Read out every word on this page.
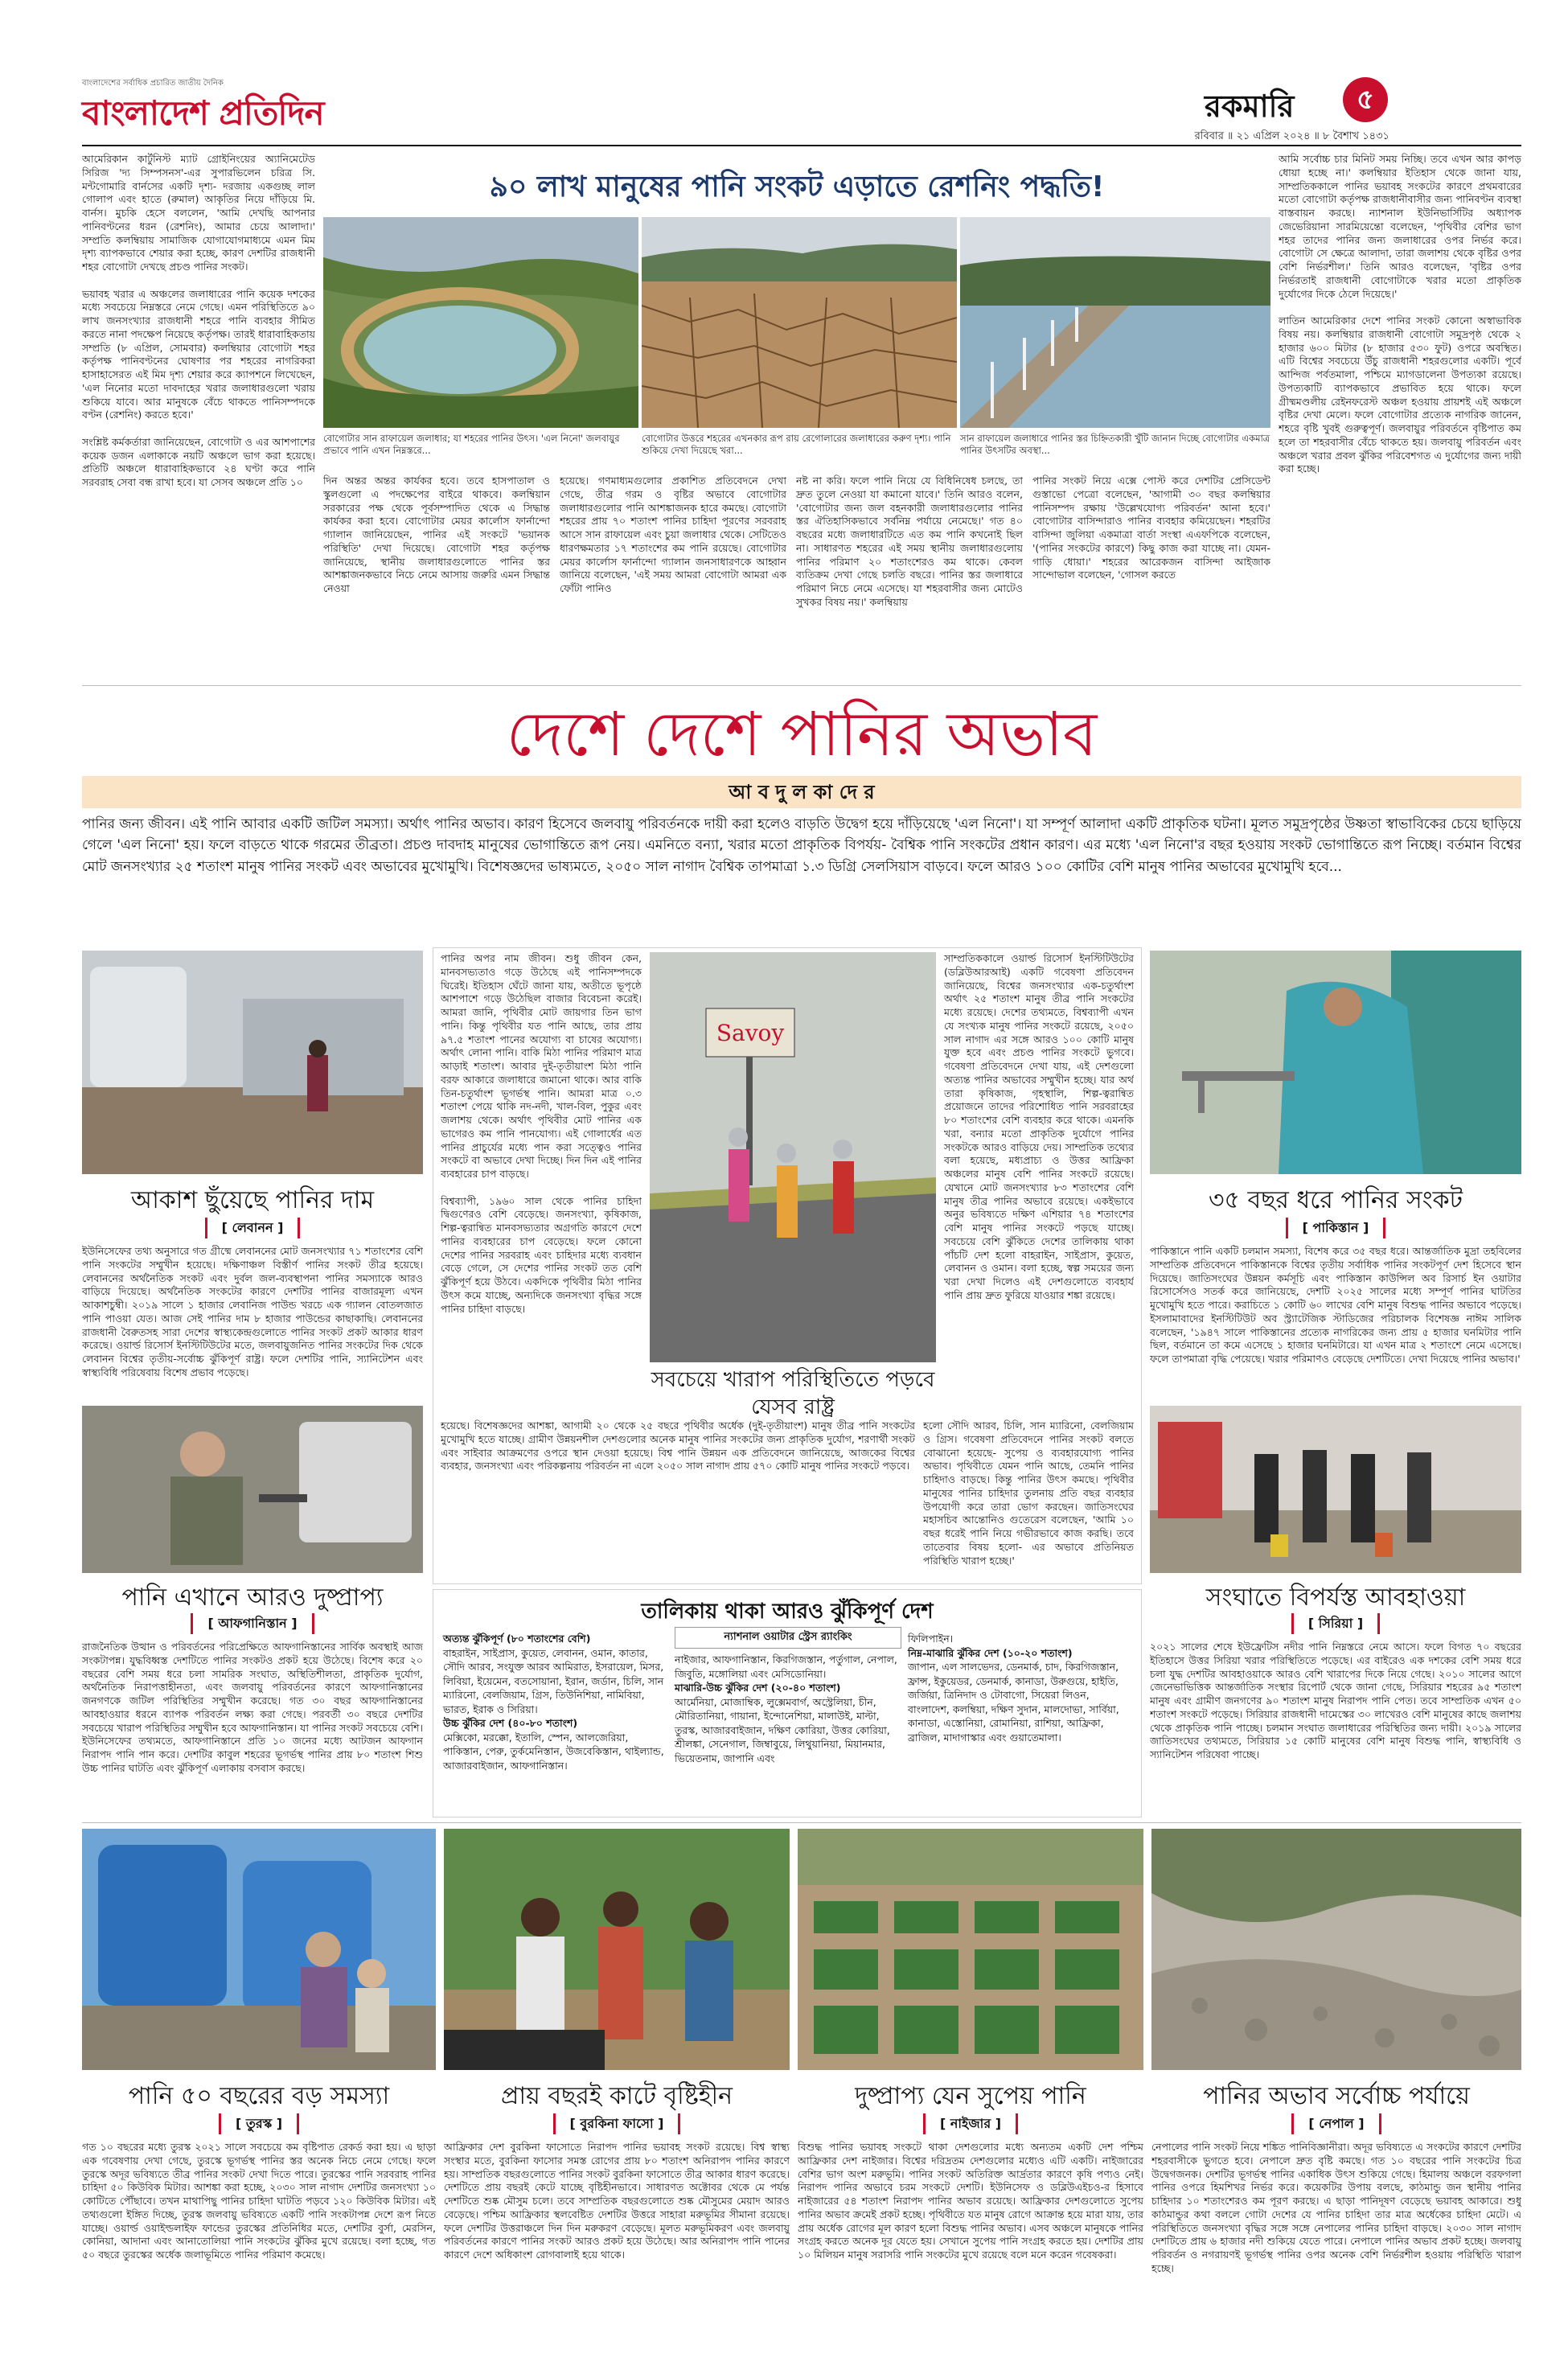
বাংলাদেশের সর্বাধিক প্রচারিত জাতীয় দৈনিক
বাংলাদেশ প্রতিদিন	রকমারি	৫
রবিবার ॥ ২১ এপ্রিল ২০২৪ ॥ ৮ বৈশাখ ১৪৩১
আমেরিকান কার্টুনিস্ট ম্যাট গ্রোইনিংয়ের অ্যানিমেটেড সিরিজ 'দ্য সিম্পসনস'-এর সুপারভিলেন চরিত্র সি. মন্টগোমারি বার্নসের একটি দৃশ্য- দরজায় একগুচ্ছ লাল গোলাপ এবং হাতে (রুমাল) আকৃতির নিয়ে দাঁড়িয়ে মি. বার্নস। মুচকি হেসে বললেন, 'আমি দেখছি আপনার পানিবণ্টনের ধরন (রেশনিং), আমার চেয়ে আলাদা।' সম্প্রতি কলম্বিয়ায় সামাজিক যোগাযোগমাধ্যমে এমন মিম দৃশ্য ব্যাপকভাবে শেয়ার করা হচ্ছে, কারণ দেশটির রাজধানী শহর বোগোটা দেখছে প্রচণ্ড পানির সংকট।

ভয়াবহ খরার এ অঞ্চলের জলাধারের পানি কয়েক দশকের মধ্যে সবচেয়ে নিম্নস্তরে নেমে গেছে। এমন পরিস্থিতিতে ৯০ লাখ জনসংখ্যার রাজধানী শহরে পানি ব্যবহার সীমিত করতে নানা পদক্ষেপ নিয়েছে কর্তৃপক্ষ। তারই ধারাবাহিকতায় সম্প্রতি (৮ এপ্রিল, সোমবার) কলম্বিয়ার বোগোটা শহর কর্তৃপক্ষ পানিবণ্টনের ঘোষণার পর শহরের নাগরিকরা হাসাহাসেরত এই মিম দৃশ্য শেয়ার করে ক্যাপশনে লিখেছেন, 'এল নিনোর মতো দাবদাহের খরার জলাধারগুলো খরায় শুকিয়ে যাবে। আর মানুষকে বেঁচে থাকতে পানিসম্পদকে বণ্টন (রেশনিং) করতে হবে।'

সংশ্লিষ্ট কর্মকর্তারা জানিয়েছেন, বোগোটা ও এর আশপাশের কয়েক ডজন এলাকাকে নয়টি অঞ্চলে ভাগ করা হয়েছে। প্রতিটি অঞ্চলে ধারাবাহিকভাবে ২৪ ঘণ্টা করে পানি সরবরাহ সেবা বন্ধ রাখা হবে। যা সেসব অঞ্চলে প্রতি ১০
৯০ লাখ মানুষের পানি সংকট এড়াতে রেশনিং পদ্ধতি!
বোগোটার সান রাফায়েল জলাধার; যা শহরের পানির উৎস। 'এল নিনো' জলবায়ুর প্রভাবে পানি এখন নিম্নস্তরে...
বোগোটার উত্তরে শহরের এখনকার রূপ রায় রেগোলারের জলাধারের করুণ দৃশ্য। পানি শুকিয়ে দেখা দিয়েছে খরা...
সান রাফায়েল জলাধারে পানির স্তর চিহ্নিতকারী খুঁটি জানান দিচ্ছে বোগোটার একমাত্র পানির উৎসটির অবস্থা...
দিন অন্তর অন্তর কার্যকর হবে। তবে হাসপাতাল ও স্কুলগুলো এ পদক্ষেপের বাইরে থাকবে। কলম্বিয়ান সরকারের পক্ষ থেকে পূর্বসম্পাদিত থেকে এ সিদ্ধান্ত কার্যকর করা হবে। বোগোটার মেয়র কার্লোস ফার্নান্দো গ্যালান জানিয়েছেন, পানির এই সংকটে 'ভয়ানক পরিস্থিতি' দেখা দিয়েছে। বোগোটা শহর কর্তৃপক্ষ জানিয়েছে, স্থানীয় জলাধারগুলোতে পানির স্তর আশঙ্কাজনকভাবে নিচে নেমে আসায় জরুরি এমন সিদ্ধান্ত নেওয়া
হয়েছে। গণমাধ্যমগুলোর প্রকাশিত প্রতিবেদনে দেখা গেছে, তীব্র গরম ও বৃষ্টির অভাবে বোগোটার জলাধারগুলোর পানি আশঙ্কাজনক হারে কমছে। বোগোটা শহরের প্রায় ৭০ শতাংশ পানির চাহিদা পূরণের সরবরাহ আসে সান রাফায়েল এবং চুয়া জলাধার থেকে। সেটিতেও ধারণক্ষমতার ১৭ শতাংশের কম পানি রয়েছে। বোগোটার মেয়র কার্লোস ফার্নান্দো গ্যালান জনসাধারণকে আহ্বান জানিয়ে বলেছেন, 'এই সময় আমরা বোগোটা আমরা এক ফোঁটা পানিও
নষ্ট না করি। ফলে পানি নিয়ে যে বিধিনিষেধ চলছে, তা দ্রুত তুলে নেওয়া যা কমানো যাবে।' তিনি আরও বলেন, 'বোগোটার জন্য জল বহনকারী জলাধারগুলোর পানির স্তর ঐতিহাসিকভাবে সর্বনিম্ন পর্যায়ে নেমেছে।' গত ৪০ বছরের মধ্যে জলাধারটিতে এত কম পানি কখনোই ছিল না। সাধারণত শহরের এই সময় স্থানীয় জলাধারগুলোয় পানির পরিমাণ ২০ শতাংশেরও কম থাকে। কেবল ব্যতিক্রম দেখা গেছে চলতি বছরে। পানির স্তর জলাধারে পরিমাণ নিচে নেমে এসেছে। যা শহরবাসীর জন্য মোটেও সুখকর বিষয় নয়।' কলম্বিয়ায়
পানির সংকট নিয়ে এক্সে পোস্ট করে দেশটির প্রেসিডেন্ট গুস্তাভো পেত্রো বলেছেন, 'আগামী ৩০ বছর কলম্বিয়ার পানিসম্পদ রক্ষায় 'উল্লেখযোগ্য পরিবর্তন' আনা হবে।' বোগোটার বাসিন্দারাও পানির ব্যবহার কমিয়েছেন। শহরটির বাসিন্দা জুলিয়া একমাত্রা বার্তা সংস্থা এএফপিকে বলেছেন, '(পানির সংকটের কারণে) কিছু কাজ করা যাচ্ছে না। যেমন- গাড়ি ধোয়া।' শহরের আরেকজন বাসিন্দা আইজাক সান্দোভাল বলেছেন, 'গোসল করতে
আমি সর্বোচ্চ চার মিনিট সময় নিচ্ছি। তবে এখন আর কাপড় ধোয়া হচ্ছে না।' কলম্বিয়ার ইতিহাস থেকে জানা যায়, সাম্প্রতিককালে পানির ভয়াবহ সংকটের কারণে প্রথমবারের মতো বোগোটা কর্তৃপক্ষ রাজধানীবাসীর জন্য পানিবণ্টন ব্যবস্থা বাস্তবায়ন করছে। ন্যাশনাল ইউনিভার্সিটির অধ্যাপক জেভেরিয়ানা সারমিয়েন্তো বলেছেন, 'পৃথিবীর বেশির ভাগ শহর তাদের পানির জন্য জলাধারের ওপর নির্ভর করে। বোগোটা সে ক্ষেত্রে আলাদা, তারা জলাশয় থেকে বৃষ্টির ওপর বেশি নির্ভরশীল।' তিনি আরও বলেছেন, 'বৃষ্টির ওপর নির্ভরতাই রাজধানী বোগোটাকে খরার মতো প্রাকৃতিক দুর্যোগের দিকে ঠেলে দিয়েছে।'

লাতিন আমেরিকার দেশে পানির সংকট কোনো অস্বাভাবিক বিষয় নয়। কলম্বিয়ার রাজধানী বোগোটা সমুদ্রপৃষ্ঠ থেকে ২ হাজার ৬০০ মিটার (৮ হাজার ৫৩০ ফুট) ওপরে অবস্থিত। এটি বিশ্বের সবচেয়ে উঁচু রাজধানী শহরগুলোর একটি। পূর্বে আন্দিজ পর্বতমালা, পশ্চিমে ম্যাগডালেনা উপত্যকা রয়েছে। উপত্যকাটি ব্যাপকভাবে প্রভাবিত হয়ে থাকে। ফলে গ্রীষ্মমণ্ডলীয় রেইনফরেস্ট অঞ্চল হওয়ায় প্রায়শই এই অঞ্চলে বৃষ্টির দেখা মেলে। ফলে বোগোটার প্রত্যেক নাগরিক জানেন, শহরে বৃষ্টি খুবই গুরুত্বপূর্ণ। জলবায়ুর পরিবর্তনে বৃষ্টিপাত কম হলে তা শহরবাসীর বেঁচে থাকতে হয়। জলবায়ু পরিবর্তন এবং অঞ্চলে খরার প্রবল ঝুঁকির পরিবেশগত এ দুর্যোগের জন্য দায়ী করা হচ্ছে।
দেশে দেশে পানির অভাব
আ ব দু ল কা দে র
পানির জন্য জীবন। এই পানি আবার একটি জটিল সমস্যা। অর্থাৎ পানির অভাব। কারণ হিসেবে জলবায়ু পরিবর্তনকে দায়ী করা হলেও বাড়তি উদ্বেগ হয়ে দাঁড়িয়েছে 'এল নিনো'। যা সম্পূর্ণ আলাদা একটি প্রাকৃতিক ঘটনা। মূলত সমুদ্রপৃষ্ঠের উষ্ণতা স্বাভাবিকের চেয়ে ছাড়িয়ে গেলে 'এল নিনো' হয়। ফলে বাড়তে থাকে গরমের তীব্রতা। প্রচণ্ড দাবদাহ মানুষের ভোগান্তিতে রূপ নেয়। এমনিতে বন্যা, খরার মতো প্রাকৃতিক বিপর্যয়- বৈশ্বিক পানি সংকটের প্রধান কারণ। এর মধ্যে 'এল নিনো'র বছর হওয়ায় সংকট ভোগান্তিতে রূপ নিচ্ছে। বর্তমান বিশ্বের মোট জনসংখ্যার ২৫ শতাংশ মানুষ পানির সংকট এবং অভাবের মুখোমুখি। বিশেষজ্ঞদের ভাষ্যমতে, ২০৫০ সাল নাগাদ বৈশ্বিক তাপমাত্রা ১.৩ ডিগ্রি সেলসিয়াস বাড়বে। ফলে আরও ১০০ কোটির বেশি মানুষ পানির অভাবের মুখোমুখি হবে...
আকাশ ছুঁয়েছে পানির দাম
[ লেবানন ]
ইউনিসেফের তথ্য অনুসারে গত গ্রীষ্মে লেবাননের মোট জনসংখ্যার ৭১ শতাংশের বেশি পানি সংকটের সম্মুখীন হয়েছে। দক্ষিণাঞ্চল বিস্তীর্ণ পানির সংকট তীব্র হয়েছে। লেবাননের অর্থনৈতিক সংকট এবং দুর্বল জল-ব্যবস্থাপনা পানির সমস্যাকে আরও বাড়িয়ে দিয়েছে। অর্থনৈতিক সংকটের কারণে দেশটির পানির বাজারমূল্য এখন আকাশচুম্বী। ২০১৯ সালে ১ হাজার লেবানিজ পাউন্ড খরচে এক গ্যালন বোতলজাত পানি পাওয়া যেত। আজ সেই পানির দাম ৮ হাজার পাউন্ডের কাছাকাছি। লেবাননের রাজধানী বৈরুতসহ সারা দেশের স্বাস্থ্যকেন্দ্রগুলোতে পানির সংকট প্রকট আকার ধারণ করেছে। ওয়ার্ল্ড রিসোর্স ইনস্টিটিউটের মতে, জলবায়ুজনিত পানির সংকটের দিক থেকে লেবানন বিশ্বের তৃতীয়-সর্বোচ্চ ঝুঁকিপূর্ণ রাষ্ট্র। ফলে দেশটির পানি, স্যানিটেশন এবং স্বাস্থ্যবিধি পরিষেবায় বিশেষ প্রভাব পড়েছে।
পানি এখানে আরও দুষ্প্রাপ্য
[ আফগানিস্তান ]
রাজনৈতিক উত্থান ও পরিবর্তনের পরিপ্রেক্ষিতে আফগানিস্তানের সার্বিক অবস্থাই আজ সংকটাপন্ন। যুদ্ধবিধ্বস্ত দেশটিতে পানির সংকটও প্রকট হয়ে উঠেছে। বিশেষ করে ২০ বছরের বেশি সময় ধরে চলা সামরিক সংঘাত, অস্থিতিশীলতা, প্রাকৃতিক দুর্যোগ, অর্থনৈতিক নিরাপত্তাহীনতা, এবং জলবায়ু পরিবর্তনের কারণে আফগানিস্তানের জনগণকে জটিল পরিস্থিতির সম্মুখীন করেছে। গত ৩০ বছর আফগানিস্তানের আবহাওয়ার ধরনে ব্যাপক পরিবর্তন লক্ষ্য করা গেছে। পরবর্তী ৩০ বছরে দেশটির সবচেয়ে খারাপ পরিস্থিতির সম্মুখীন হবে আফগানিস্তান। যা পানির সংকট সবচেয়ে বেশি। ইউনিসেফের তথ্যমতে, আফগানিস্তানে প্রতি ১০ জনের মধ্যে আটজন আফগান নিরাপদ পানি পান করে। দেশটির কাবুল শহরের ভূগর্ভস্থ পানির প্রায় ৮০ শতাংশ শিশু উচ্চ পানির ঘাটতি এবং ঝুঁকিপূর্ণ এলাকায় বসবাস করছে।
পানির অপর নাম জীবন। শুধু জীবন কেন, মানবসভ্যতাও গড়ে উঠেছে এই পানিসম্পদকে ঘিরেই। ইতিহাস ঘেঁটে জানা যায়, অতীতে ভূপৃষ্ঠে আশপাশে গড়ে উঠেছিল বাজার বিবেচনা করেই। আমরা জানি, পৃথিবীর মোট জায়গার তিন ভাগ পানি। কিন্তু পৃথিবীর যত পানি আছে, তার প্রায় ৯৭.৫ শতাংশ পানের অযোগ্য বা চাষের অযোগ্য। অর্থাৎ লোনা পানি। বাকি মিঠা পানির পরিমাণ মাত্র আড়াই শতাংশ। আবার দুই-তৃতীয়াংশ মিঠা পানি বরফ আকারে জলাধারে জমানো থাকে। আর বাকি তিন-চতুর্থাংশ ভূগর্ভস্থ পানি। আমরা মাত্র ০.৩ শতাংশ পেয়ে থাকি নদ-নদী, খাল-বিল, পুকুর এবং জলাশয় থেকে। অর্থাৎ পৃথিবীর মোট পানির এক ভাগেরও কম পানি পানযোগ্য। এই গোলার্ধের এত পানির প্রাচুর্যের মধ্যে পান করা সত্ত্বেও পানির সংকটে বা অভাবে দেখা দিচ্ছে। দিন দিন এই পানির ব্যবহারের চাপ বাড়ছে।

বিশ্বব্যাপী, ১৯৬০ সাল থেকে পানির চাহিদা দ্বিগুণেরও বেশি বেড়েছে। জনসংখ্যা, কৃষিকাজ, শিল্প-ত্বরান্বিত মানবসভ্যতার অগ্রগতি কারণে দেশে পানির ব্যবহারের চাপ বেড়েছে। ফলে কোনো দেশের পানির সরবরাহ এবং চাহিদার মধ্যে ব্যবধান বেড়ে গেলে, সে দেশের পানির সংকট তত বেশি ঝুঁকিপূর্ণ হয়ে উঠবে। একদিকে পৃথিবীর মিঠা পানির উৎস কমে যাচ্ছে, অন্যদিকে জনসংখ্যা বৃদ্ধির সঙ্গে পানির চাহিদা বাড়ছে।
Savoy
সবচেয়ে খারাপ পরিস্থিতিতে পড়বে যেসব রাষ্ট্র
সাম্প্রতিককালে ওয়ার্ল্ড রিসোর্স ইনস্টিটিউটের (ডব্লিউআরআই) একটি গবেষণা প্রতিবেদন জানিয়েছে, বিশ্বের জনসংখ্যার এক-চতুর্থাংশ অর্থাৎ ২৫ শতাংশ মানুষ তীব্র পানি সংকটের মধ্যে রয়েছে। দেশের তথ্যমতে, বিশ্বব্যাপী এখন যে সংখ্যক মানুষ পানির সংকটে রয়েছে, ২০৫০ সাল নাগাদ এর সঙ্গে আরও ১০০ কোটি মানুষ যুক্ত হবে এবং প্রচণ্ড পানির সংকটে ভুগবে। গবেষণা প্রতিবেদনে দেখা যায়, এই দেশগুলো অত্যন্ত পানির অভাবের সম্মুখীন হচ্ছে। যার অর্থ তারা কৃষিকাজ, গৃহস্থালি, শিল্প-ত্বরান্বিত প্রয়োজনে তাদের পরিশোধিত পানি সরবরাহের ৮০ শতাংশের বেশি ব্যবহার করে থাকে। এমনকি খরা, বন্যার মতো প্রাকৃতিক দুর্যোগে পানির সংকটকে আরও বাড়িয়ে দেয়। সাম্প্রতিক তথ্যের বলা হয়েছে, মধ্যপ্রাচ্য ও উত্তর আফ্রিকা অঞ্চলের মানুষ বেশি পানির সংকটে রয়েছে। যেখানে মোট জনসংখ্যার ৮৩ শতাংশের বেশি মানুষ তীব্র পানির অভাবে রয়েছে। একইভাবে অনুর ভবিষ্যতে দক্ষিণ এশিয়ার ৭৪ শতাংশের বেশি মানুষ পানির সংকটে পড়ছে যাচ্ছে। সবচেয়ে বেশি ঝুঁকিতে দেশের তালিকায় থাকা পাঁচটি দেশ হলো বাহরাইন, সাইপ্রাস, কুয়েত, লেবানন ও ওমান। বলা হচ্ছে, স্বল্প সময়ের জন্য খরা দেখা দিলেও এই দেশগুলোতে ব্যবহার্য পানি প্রায় দ্রুত ফুরিয়ে যাওয়ার শঙ্কা রয়েছে।
হয়েছে। বিশেষজ্ঞদের আশঙ্কা, আগামী ২০ থেকে ২৫ বছরে পৃথিবীর অর্ধেক (দুই-তৃতীয়াংশ) মানুষ তীব্র পানি সংকটের মুখোমুখি হতে যাচ্ছে। গ্রামীণ উন্নয়নশীল দেশগুলোর অনেক মানুষ পানির সংকটের জন্য প্রাকৃতিক দুর্যোগ, শরণার্থী সংকট এবং সাইবার আক্রমণের ওপরে স্থান দেওয়া হয়েছে। বিশ্ব পানি উন্নয়ন এক প্রতিবেদনে জানিয়েছে, আজকের বিশ্বের ব্যবহার, জনসংখ্যা এবং পরিকল্পনায় পরিবর্তন না এলে ২০৫০ সাল নাগাদ প্রায় ৫৭০ কোটি মানুষ পানির সংকটে পড়বে।
হলো সৌদি আরব, চিলি, সান ম্যারিনো, বেলজিয়াম ও গ্রিস। গবেষণা প্রতিবেদনে পানির সংকট বলতে বোঝানো হয়েছে- সুপেয় ও ব্যবহারযোগ্য পানির অভাব। পৃথিবীতে যেমন পানি আছে, তেমনি পানির চাহিদাও বাড়ছে। কিন্তু পানির উৎস কমছে। পৃথিবীর মানুষের পানির চাহিদার তুলনায় প্রতি বছর ব্যবহার উপযোগী করে তারা ভোগ করছেন। জাতিসংঘের মহাসচিব আন্তোনিও গুতেরেস বলেছেন, 'আমি ১০ বছর ধরেই পানি নিয়ে গভীরভাবে কাজ করছি। তবে তাতেবার বিষয় হলো- এর অভাবে প্রতিনিয়ত পরিস্থিতি খারাপ হচ্ছে।'
তালিকায় থাকা আরও ঝুঁকিপূর্ণ দেশ
ন্যাশনাল ওয়াটার স্ট্রেস র‌্যাংকিং
অত্যন্ত ঝুঁকিপূর্ণ (৮০ শতাংশের বেশি)
বাহরাইন, সাইপ্রাস, কুয়েত, লেবানন, ওমান, কাতার, সৌদি আরব, সংযুক্ত আরব আমিরাত, ইসরায়েল, মিসর, লিবিয়া, ইয়েমেন, বতসোয়ানা, ইরান, জর্ডান, চিলি, সান ম্যারিনো, বেলজিয়াম, গ্রিস, তিউনিশিয়া, নামিবিয়া, ভারত, ইরাক ও সিরিয়া।
উচ্চ ঝুঁকির দেশ (৪০-৮০ শতাংশ)
মেক্সিকো, মরক্কো, ইতালি, স্পেন, আলজেরিয়া, পাকিস্তান, পেরু, তুর্কমেনিস্তান, উজবেকিস্তান, থাইল্যান্ড, আজারবাইজান, আফগানিস্তান।
নাইজার, আফগানিস্তান, কিরগিজস্তান, পর্তুগাল, নেপাল, জিবুতি, মঙ্গোলিয়া এবং মেসিডোনিয়া।
মাঝারি-উচ্চ ঝুঁকির দেশ (২০-৪০ শতাংশ)
আর্মেনিয়া, মোজাম্বিক, লুক্সেমবার্গ, অস্ট্রেলিয়া, চীন, মৌরিতানিয়া, গায়ানা, ইন্দোনেশিয়া, মালাউই, মাল্টা, তুরস্ক, আজারবাইজান, দক্ষিণ কোরিয়া, উত্তর কোরিয়া, শ্রীলঙ্কা, সেনেগাল, জিম্বাবুয়ে, লিথুয়ানিয়া, মিয়ানমার, ভিয়েতনাম, জাপানি এবং
ফিলিপাইন।
নিম্ন-মাঝারি ঝুঁকির দেশ (১০-২০ শতাংশ)
জাপান, এল সালভেদর, ডেনমার্ক, চাদ, কিরগিজস্তান, ফ্রান্স, ইকুয়েডর, ডেনমার্ক, কানাডা, উরুগুয়ে, হাইতি, জর্জিয়া, ত্রিনিদাদ ও টোবাগো, সিয়েরা লিওন, বাংলাদেশ, কলম্বিয়া, দক্ষিণ সুদান, মালদোভা, সার্বিয়া, কানাডা, এস্তোনিয়া, রোমানিয়া, রাশিয়া, আফ্রিকা, ব্রাজিল, মাদাগাস্কার এবং গুয়াতেমালা।
৩৫ বছর ধরে পানির সংকট
[ পাকিস্তান ]
পাকিস্তানে পানি একটি চলমান সমস্যা, বিশেষ করে ৩৫ বছর ধরে। আন্তর্জাতিক মুদ্রা তহবিলের সাম্প্রতিক প্রতিবেদনে পাকিস্তানকে বিশ্বের তৃতীয় সর্বাধিক পানির সংকটপূর্ণ দেশ হিসেবে স্থান দিয়েছে। জাতিসংঘের উন্নয়ন কর্মসূচি এবং পাকিস্তান কাউন্সিল অব রিসার্চ ইন ওয়াটার রিসোর্সেসও সতর্ক করে জানিয়েছে, দেশটি ২০২৫ সালের মধ্যে সম্পূর্ণ পানির ঘাটতির মুখোমুখি হতে পারে। করাচিতে ১ কোটি ৬০ লাখের বেশি মানুষ বিশুদ্ধ পানির অভাবে পড়েছে। ইসলামাবাদের ইনস্টিটিউট অব স্ট্র্যাটেজিক স্টাডিজের পরিচালক বিশেষজ্ঞ নাঈম সালিক বলেছেন, '১৯৪৭ সালে পাকিস্তানের প্রত্যেক নাগরিকের জন্য প্রায় ৫ হাজার ঘনমিটার পানি ছিল, বর্তমানে তা কমে এসেছে ১ হাজার ঘনমিটারে। যা এখন মাত্র ২ শতাংশে নেমে এসেছে। ফলে তাপমাত্রা বৃদ্ধি পেয়েছে। খরার পরিমাণও বেড়েছে দেশটিতে। দেখা দিয়েছে পানির অভাব।'
সংঘাতে বিপর্যস্ত আবহাওয়া
[ সিরিয়া ]
২০২১ সালের শেষে ইউফ্রেটিস নদীর পানি নিম্নস্তরে নেমে আসে। ফলে বিগত ৭০ বছরের ইতিহাসে উত্তর সিরিয়া খরার পরিস্থিতিতে পড়েছে। এর বাইরেও এক দশকের বেশি সময় ধরে চলা যুদ্ধ দেশটির আবহাওয়াকে আরও বেশি খারাপের দিকে নিয়ে গেছে। ২০১০ সালের আগে জেনেভাভিত্তিক আন্তর্জাতিক সংস্থার রিপোর্ট থেকে জানা গেছে, সিরিয়ার শহরের ৯৫ শতাংশ মানুষ এবং গ্রামীণ জনগণের ৯০ শতাংশ মানুষ নিরাপদ পানি পেত। তবে সাম্প্রতিক এখন ৫০ শতাংশ সংকটে পড়েছে। সিরিয়ার রাজধানী দামেস্কের ৩০ লাখেরও বেশি মানুষের কাছে জলাশয় থেকে প্রাকৃতিক পানি পাচ্ছে। চলমান সংঘাত জলাধারের পরিস্থিতির জন্য দায়ী। ২০১৯ সালের জাতিসংঘের তথ্যমতে, সিরিয়ার ১৫ কোটি মানুষের বেশি মানুষ বিশুদ্ধ পানি, স্বাস্থ্যবিধি ও স্যানিটেশন পরিষেবা পাচ্ছে।
পানি ৫০ বছরের বড় সমস্যা
[ তুরস্ক ]
গত ১০ বছরের মধ্যে তুরস্ক ২০২১ সালে সবচেয়ে কম বৃষ্টিপাত রেকর্ড করা হয়। এ ছাড়া এক গবেষণায় দেখা গেছে, তুরস্কে ভূগর্ভস্থ পানির স্তর অনেক নিচে নেমে গেছে। ফলে তুরস্কে অদূর ভবিষ্যতে তীব্র পানির সংকট দেখা দিতে পারে। তুরস্কের পানি সরবরাহ পানির চাহিদা ৫০ কিউবিক মিটার। আশঙ্কা করা হচ্ছে, ২০৩০ সাল নাগাদ দেশটির জনসংখ্যা ১০ কোটিতে পৌঁছাবে। তখন মাথাপিছু পানির চাহিদা ঘাটতি পড়বে ১২০ কিউবিক মিটার। এই তথ্যগুলো ইঙ্গিত দিচ্ছে, তুরস্ক জলবায়ু ভবিষ্যতে একটি পানি সংকটাপন্ন দেশে রূপ নিতে যাচ্ছে। ওয়ার্ল্ড ওয়াইল্ডলাইফ ফান্ডের তুরস্কের প্রতিনিধির মতে, দেশটির বুর্সা, মেরসিন, কোনিয়া, আদানা এবং আনাতোলিয়া পানি সংকটের ঝুঁকির মুখে রয়েছে। বলা হচ্ছে, গত ৫০ বছরে তুরস্কের অর্ধেক জলাভূমিতে পানির পরিমাণ কমেছে।
প্রায় বছরই কাটে বৃষ্টিহীন
[ বুরকিনা ফাসো ]
আফ্রিকার দেশ বুরকিনা ফাসোতে নিরাপদ পানির ভয়াবহ সংকট রয়েছে। বিশ্ব স্বাস্থ্য সংস্থার মতে, বুরকিনা ফাসোর সমস্ত রোগের প্রায় ৮০ শতাংশ অনিরাপদ পানির কারণে হয়। সাম্প্রতিক বছরগুলোতে পানির সংকট বুরকিনা ফাসোতে তীব্র আকার ধারণ করেছে। দেশটিতে প্রায় বছরই কেটে যাচ্ছে বৃষ্টিহীনভাবে। সাধারণত অক্টোবর থেকে মে পর্যন্ত দেশটিতে শুষ্ক মৌসুম চলে। তবে সাম্প্রতিক বছরগুলোতে শুষ্ক মৌসুমের মেয়াদ আরও বেড়েছে। পশ্চিম আফ্রিকার স্থলবেষ্টিত দেশটির উত্তরে সাহারা মরুভূমির সীমানা রয়েছে। ফলে দেশটির উত্তরাঞ্চলে দিন দিন মরুকরণ বেড়েছে। মূলত মরুভূমিকরণ এবং জলবায়ু পরিবর্তনের কারণে পানির সংকট আরও প্রকট হয়ে উঠেছে। আর অনিরাপদ পানি পানের কারণে দেশে অধিকাংশ রোগবালাই হয়ে থাকে।
দুষ্প্রাপ্য যেন সুপেয় পানি
[ নাইজার ]
বিশুদ্ধ পানির ভয়াবহ সংকটে থাকা দেশগুলোর মধ্যে অন্যতম একটি দেশ পশ্চিম আফ্রিকার দেশ নাইজার। বিশ্বের দরিদ্রতম দেশগুলোর মধ্যেও এটি একটি। নাইজারের বেশির ভাগ অংশ মরুভূমি। পানির সংকট অতিরিক্ত আর্দ্রতার কারণে কৃষি পণ্যও নেই। নিরাপদ পানির অভাবে চরম সংকটে দেশটি। ইউনিসেফ ও ডব্লিউএইচও-র হিসাবে নাইজারের ৫৪ শতাংশ নিরাপদ পানির অভাব রয়েছে। আফ্রিকার দেশগুলোতে সুপেয় পানির অভাব ক্রমেই প্রকট হচ্ছে। পৃথিবীতে যত মানুষ রোগে আক্রান্ত হয়ে মারা যায়, তার প্রায় অর্ধেক রোগের মূল কারণ হলো বিশুদ্ধ পানির অভাব। এসব অঞ্চলে মানুষকে পানির সংগ্রহ করতে অনেক দূর যেতে হয়। সেখানে সুপেয় পানি সংগ্রহ করতে হয়। দেশটির প্রায় ১০ মিলিয়ন মানুষ সরাসরি পানি সংকটের মুখে রয়েছে বলে মনে করেন গবেষকরা।
পানির অভাব সর্বোচ্চ পর্যায়ে
[ নেপাল ]
নেপালের পানি সংকট নিয়ে শঙ্কিত পানিবিজ্ঞানীরা। অদূর ভবিষ্যতে এ সংকটের কারণে দেশটির শহরবাসীকে ভুগতে হবে। নেপালে দ্রুত বৃষ্টি কমছে। গত ১০ বছরের পানি সংকটের চিত্র উদ্বেগজনক। দেশটির ভূগর্ভস্থ পানির একাধিক উৎস শুকিয়ে গেছে। হিমালয় অঞ্চলে বরফগলা পানির ওপরে হিমশিখর নির্ভর করে। কয়েকটির উপায় বলছে, কাঠমান্ডু জন স্থানীয় পানির চাহিদার ১০ শতাংশেরও কম পূরণ করছে। এ ছাড়া পানিদূষণ বেড়েছে ভয়াবহ আকারে। শুধু কাঠমান্ডুর কথা বললে গোটা দেশের যে পানির চাহিদা তার মাত্র অর্ধেকের চাহিদা মেটে। এ পরিস্থিতিতে জনসংখ্যা বৃদ্ধির সঙ্গে সঙ্গে নেপালের পানির চাহিদা বাড়ছে। ২০৩০ সাল নাগাদ দেশটিতে প্রায় ৬ হাজার নদী শুকিয়ে যেতে পারে। নেপালে পানির অভাব প্রকট হচ্ছে। জলবায়ু পরিবর্তন ও নগরায়ণই ভূগর্ভস্থ পানির ওপর অনেক বেশি নির্ভরশীল হওয়ায় পরিস্থিতি খারাপ হচ্ছে।
